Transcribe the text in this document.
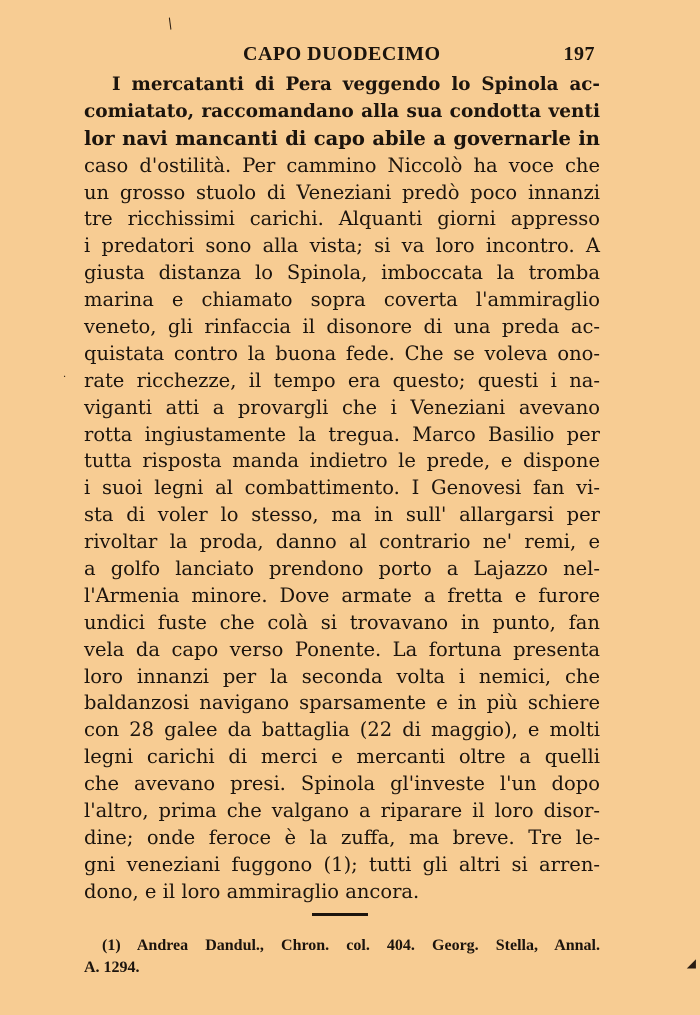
/
·
◢
CAPO DUODECIMO	197
I mercatanti di Pera veggendo lo Spinola ac-
comiatato, raccomandano alla sua condotta venti
lor navi mancanti di capo abile a governarle in
caso d'ostilità. Per cammino Niccolò ha voce che
un grosso stuolo di Veneziani predò poco innanzi
tre ricchissimi carichi. Alquanti giorni appresso
i predatori sono alla vista; si va loro incontro. A
giusta distanza lo Spinola, imboccata la tromba
marina e chiamato sopra coverta l'ammiraglio
veneto, gli rinfaccia il disonore di una preda ac-
quistata contro la buona fede. Che se voleva ono-
rate ricchezze, il tempo era questo; questi i na-
viganti atti a provargli che i Veneziani avevano
rotta ingiustamente la tregua. Marco Basilio per
tutta risposta manda indietro le prede, e dispone
i suoi legni al combattimento. I Genovesi fan vi-
sta di voler lo stesso, ma in sull' allargarsi per
rivoltar la proda, danno al contrario ne' remi, e
a golfo lanciato prendono porto a Lajazzo nel-
l'Armenia minore. Dove armate a fretta e furore
undici fuste che colà si trovavano in punto, fan
vela da capo verso Ponente. La fortuna presenta
loro innanzi per la seconda volta i nemici, che
baldanzosi navigano sparsamente e in più schiere
con 28 galee da battaglia (22 di maggio), e molti
legni carichi di merci e mercanti oltre a quelli
che avevano presi. Spinola gl'investe l'un dopo
l'altro, prima che valgano a riparare il loro disor-
dine; onde feroce è la zuffa, ma breve. Tre le-
gni veneziani fuggono (1); tutti gli altri si arren-
dono, e il loro ammiraglio ancora.
(1) Andrea Dandul., Chron. col. 404. Georg. Stella, Annal.
A. 1294.
